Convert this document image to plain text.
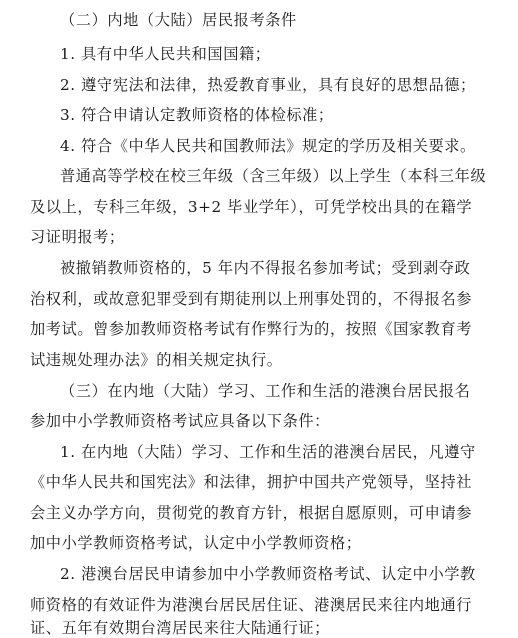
（二）内地（大陆）居民报考条件
1. 具有中华人民共和国国籍；
2. 遵守宪法和法律，热爱教育事业，具有良好的思想品德；
3. 符合申请认定教师资格的体检标准；
4. 符合《中华人民共和国教师法》规定的学历及相关要求。
普通高等学校在校三年级（含三年级）以上学生（本科三年级
及以上，专科三年级，3+2 毕业学年），可凭学校出具的在籍学
习证明报考；
被撤销教师资格的，5 年内不得报名参加考试；受到剥夺政
治权利，或故意犯罪受到有期徒刑以上刑事处罚的，不得报名参
加考试。曾参加教师资格考试有作弊行为的，按照《国家教育考
试违规处理办法》的相关规定执行。
（三）在内地（大陆）学习、工作和生活的港澳台居民报名
参加中小学教师资格考试应具备以下条件：
1. 在内地（大陆）学习、工作和生活的港澳台居民，凡遵守
《中华人民共和国宪法》和法律，拥护中国共产党领导，坚持社
会主义办学方向，贯彻党的教育方针，根据自愿原则，可申请参
加中小学教师资格考试，认定中小学教师资格；
2. 港澳台居民申请参加中小学教师资格考试、认定中小学教
师资格的有效证件为港澳台居民居住证、港澳居民来往内地通行
证、五年有效期台湾居民来往大陆通行证；
